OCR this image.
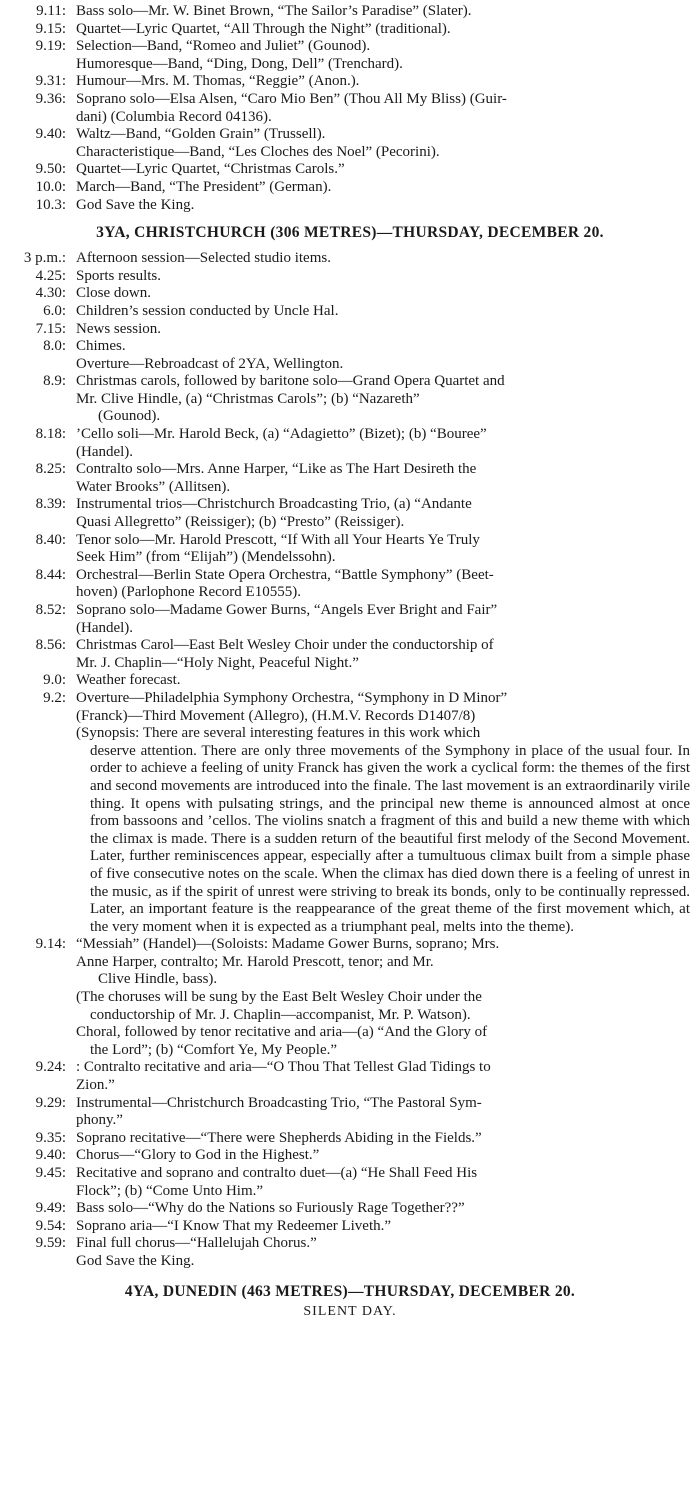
9.11: Bass solo—Mr. W. Binet Brown, “The Sailor’s Paradise” (Slater).
9.15: Quartet—Lyric Quartet, “All Through the Night” (traditional).
9.19: Selection—Band, “Romeo and Juliet” (Gounod).
Humoresque—Band, “Ding, Dong, Dell” (Trenchard).
9.31: Humour—Mrs. M. Thomas, “Reggie” (Anon.).
9.36: Soprano solo—Elsa Alsen, “Caro Mio Ben” (Thou All My Bliss) (Guir-
dani) (Columbia Record 04136).
9.40: Waltz—Band, “Golden Grain” (Trussell).
Characteristique—Band, “Les Cloches des Noel” (Pecorini).
9.50: Quartet—Lyric Quartet, “Christmas Carols.”
10.0: March—Band, “The President” (German).
10.3: God Save the King.
3YA, CHRISTCHURCH (306 METRES)—THURSDAY, DECEMBER 20.
3 p.m.: Afternoon session—Selected studio items.
4.25: Sports results.
4.30: Close down.
6.0: Children’s session conducted by Uncle Hal.
7.15: News session.
8.0: Chimes.
Overture—Rebroadcast of 2YA, Wellington.
8.9: Christmas carols, followed by baritone solo—Grand Opera Quartet and
Mr. Clive Hindle, (a) “Christmas Carols”; (b) “Nazareth”
(Gounod).
8.18: ’Cello soli—Mr. Harold Beck, (a) “Adagietto” (Bizet); (b) “Bouree”
(Handel).
8.25: Contralto solo—Mrs. Anne Harper, “Like as The Hart Desireth the
Water Brooks” (Allitsen).
8.39: Instrumental trios—Christchurch Broadcasting Trio, (a) “Andante
Quasi Allegretto” (Reissiger); (b) “Presto” (Reissiger).
8.40: Tenor solo—Mr. Harold Prescott, “If With all Your Hearts Ye Truly
Seek Him” (from “Elijah”) (Mendelssohn).
8.44: Orchestral—Berlin State Opera Orchestra, “Battle Symphony” (Beet-
hoven) (Parlophone Record E10555).
8.52: Soprano solo—Madame Gower Burns, “Angels Ever Bright and Fair”
(Handel).
8.56: Christmas Carol—East Belt Wesley Choir under the conductorship of
Mr. J. Chaplin—“Holy Night, Peaceful Night.”
9.0: Weather forecast.
9.2: Overture—Philadelphia Symphony Orchestra, “Symphony in D Minor”
(Franck)—Third Movement (Allegro), (H.M.V. Records D1407/8)
(Synopsis: There are several interesting features in this work which
deserve attention. There are only three movements of the Symphony in place of the usual four. In order to achieve a feeling of unity Franck has given the work a cyclical form: the themes of the first and second movements are introduced into the finale. The last movement is an extraordinarily virile thing. It opens with pulsating strings, and the principal new theme is announced almost at once from bassoons and ’cellos. The violins snatch a fragment of this and build a new theme with which the climax is made. There is a sudden return of the beautiful first melody of the Second Movement. Later, further reminiscences appear, especially after a tumultuous climax built from a simple phase of five consecutive notes on the scale. When the climax has died down there is a feeling of unrest in the music, as if the spirit of unrest were striving to break its bonds, only to be continually repressed. Later, an important feature is the reappearance of the great theme of the first movement which, at the very moment when it is expected as a triumphant peal, melts into the theme).
9.14: “Messiah” (Handel)—(Soloists: Madame Gower Burns, soprano; Mrs.
Anne Harper, contralto; Mr. Harold Prescott, tenor; and Mr.
Clive Hindle, bass).
(The choruses will be sung by the East Belt Wesley Choir under the
conductorship of Mr. J. Chaplin—accompanist, Mr. P. Watson).
Choral, followed by tenor recitative and aria—(a) “And the Glory of
the Lord”; (b) “Comfort Ye, My People.”
9.24: : Contralto recitative and aria—“O Thou That Tellest Glad Tidings to
Zion.”
9.29: Instrumental—Christchurch Broadcasting Trio, “The Pastoral Sym-
phony.”
9.35: Soprano recitative—“There were Shepherds Abiding in the Fields.”
9.40: Chorus—“Glory to God in the Highest.”
9.45: Recitative and soprano and contralto duet—(a) “He Shall Feed His
Flock”; (b) “Come Unto Him.”
9.49: Bass solo—“Why do the Nations so Furiously Rage Together??”
9.54: Soprano aria—“I Know That my Redeemer Liveth.”
9.59: Final full chorus—“Hallelujah Chorus.”
God Save the King.
4YA, DUNEDIN (463 METRES)—THURSDAY, DECEMBER 20.
SILENT DAY.
